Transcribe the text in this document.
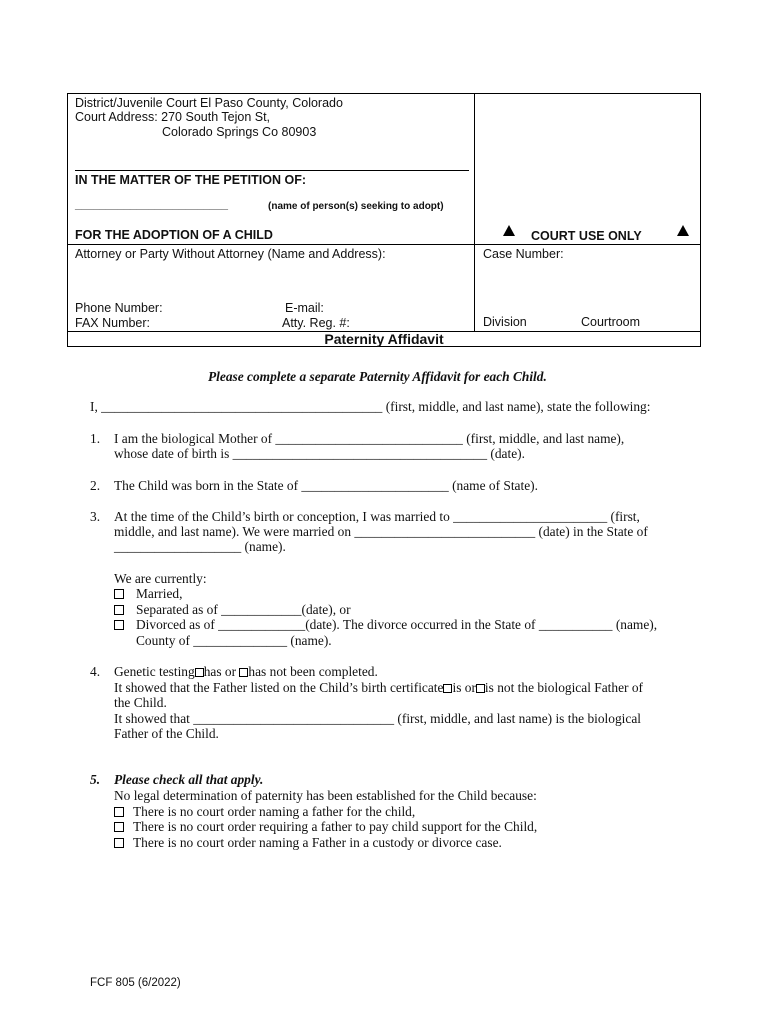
District/Juvenile Court El Paso County, Colorado
Court Address: 270 South Tejon St,
Colorado Springs Co 80903
IN THE MATTER OF THE PETITION OF:
_________________________	(name of person(s) seeking to adopt)
FOR THE ADOPTION OF A CHILD	COURT USE ONLY
Attorney or Party Without Attorney (Name and Address):	Case Number:
Phone Number:	E-mail:
FAX Number:	Atty. Reg. #:	Division	Courtroom
Paternity Affidavit
Please complete a separate Paternity Affidavit for each Child.
I, __________________________________________ (first, middle, and last name), state the following:
1. I am the biological Mother of ____________________________ (first, middle, and last name),
whose date of birth is ______________________________________ (date).
2. The Child was born in the State of ______________________ (name of State).
3. At the time of the Child’s birth or conception, I was married to _______________________ (first,
middle, and last name). We were married on ___________________________ (date) in the State of
___________________ (name).
We are currently:
Married,
Separated as of ____________(date), or
Divorced as of _____________(date). The divorce occurred in the State of ___________ (name),
County of ______________ (name).
4. Genetic testing has or has not been completed.
It showed that the Father listed on the Child’s birth certificate is or is not the biological Father of
the Child.
It showed that ______________________________ (first, middle, and last name) is the biological
Father of the Child.
5. Please check all that apply.
No legal determination of paternity has been established for the Child because:
There is no court order naming a father for the child,
There is no court order requiring a father to pay child support for the Child,
There is no court order naming a Father in a custody or divorce case.
FCF 805 (6/2022)
